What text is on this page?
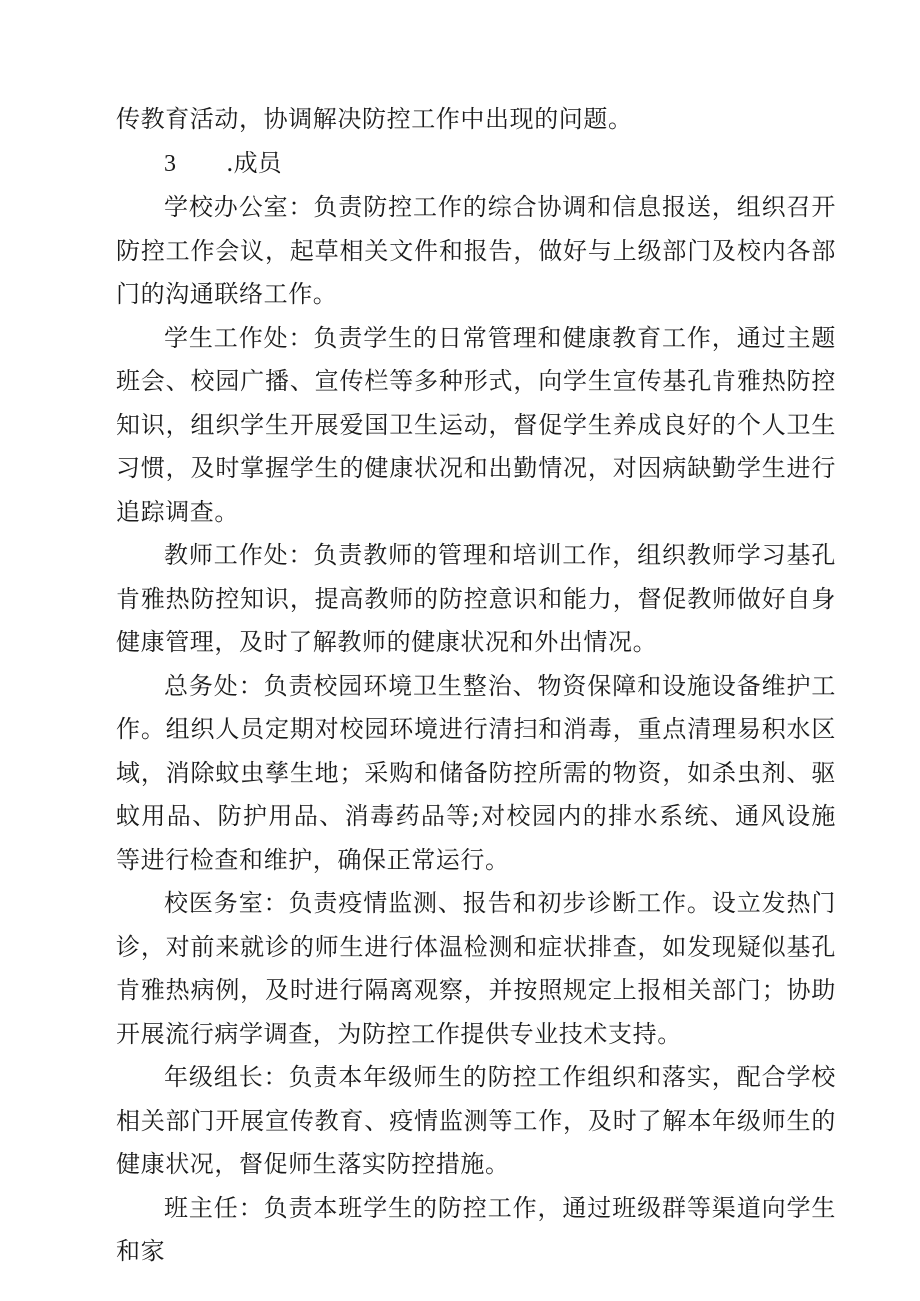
传教育活动，协调解决防控工作中出现的问题。

3	.成员

学校办公室：负责防控工作的综合协调和信息报送，组织召开防控工作会议，起草相关文件和报告，做好与上级部门及校内各部门的沟通联络工作。

学生工作处：负责学生的日常管理和健康教育工作，通过主题班会、校园广播、宣传栏等多种形式，向学生宣传基孔肯雅热防控知识，组织学生开展爱国卫生运动，督促学生养成良好的个人卫生习惯，及时掌握学生的健康状况和出勤情况，对因病缺勤学生进行追踪调查。

教师工作处：负责教师的管理和培训工作，组织教师学习基孔肯雅热防控知识，提高教师的防控意识和能力，督促教师做好自身健康管理，及时了解教师的健康状况和外出情况。

总务处：负责校园环境卫生整治、物资保障和设施设备维护工作。组织人员定期对校园环境进行清扫和消毒，重点清理易积水区域，消除蚊虫孳生地；采购和储备防控所需的物资，如杀虫剂、驱蚊用品、防护用品、消毒药品等;对校园内的排水系统、通风设施等进行检查和维护，确保正常运行。

校医务室：负责疫情监测、报告和初步诊断工作。设立发热门诊，对前来就诊的师生进行体温检测和症状排查，如发现疑似基孔肯雅热病例，及时进行隔离观察，并按照规定上报相关部门；协助开展流行病学调查，为防控工作提供专业技术支持。

年级组长：负责本年级师生的防控工作组织和落实，配合学校相关部门开展宣传教育、疫情监测等工作，及时了解本年级师生的健康状况，督促师生落实防控措施。

班主任：负责本班学生的防控工作，通过班级群等渠道向学生和家
